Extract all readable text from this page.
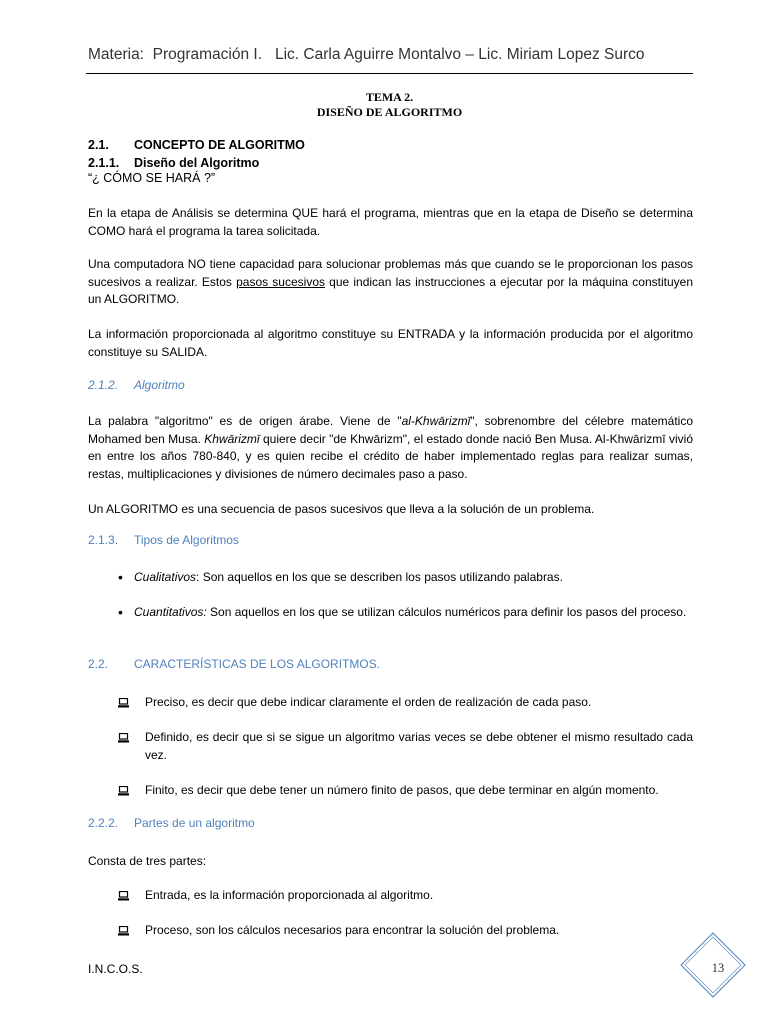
Materia: Programación I. Lic. Carla Aguirre Montalvo – Lic. Miriam Lopez Surco
TEMA 2.
DISEÑO DE ALGORITMO
2.1. CONCEPTO DE ALGORITMO
2.1.1. Diseño del Algoritmo
“¿ CÓMO SE HARÁ ?”
En la etapa de Análisis se determina QUE hará el programa, mientras que en la etapa de Diseño se determina COMO hará el programa la tarea solicitada.
Una computadora NO tiene capacidad para solucionar problemas más que cuando se le proporcionan los pasos sucesivos a realizar. Estos pasos sucesivos que indican las instrucciones a ejecutar por la máquina constituyen un ALGORITMO.
La información proporcionada al algoritmo constituye su ENTRADA y la información producida por el algoritmo constituye su SALIDA.
2.1.2. Algoritmo
La palabra "algoritmo" es de origen árabe. Viene de "al-Khwārizmī", sobrenombre del célebre matemático Mohamed ben Musa. Khwārizmī quiere decir "de Khwārizm", el estado donde nació Ben Musa. Al-Khwārizmī vivió en entre los años 780-840, y es quien recibe el crédito de haber implementado reglas para realizar sumas, restas, multiplicaciones y divisiones de número decimales paso a paso.
Un ALGORITMO es una secuencia de pasos sucesivos que lleva a la solución de un problema.
2.1.3. Tipos de Algoritmos
• Cualitativos: Son aquellos en los que se describen los pasos utilizando palabras.
• Cuantitativos: Son aquellos en los que se utilizan cálculos numéricos para definir los pasos del proceso.
2.2. CARACTERÍSTICAS DE LOS ALGORITMOS.
Preciso, es decir que debe indicar claramente el orden de realización de cada paso.
Definido, es decir que si se sigue un algoritmo varias veces se debe obtener el mismo resultado cada vez.
Finito, es decir que debe tener un número finito de pasos, que debe terminar en algún momento.
2.2.2. Partes de un algoritmo
Consta de tres partes:
Entrada, es la información proporcionada al algoritmo.
Proceso, son los cálculos necesarios para encontrar la solución del problema.
I.N.C.O.S.	13
